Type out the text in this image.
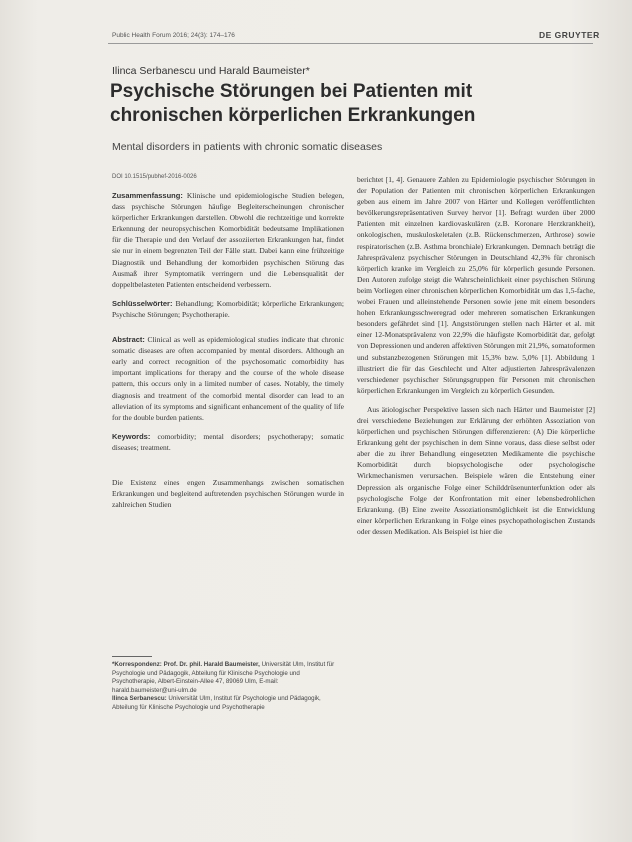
Public Health Forum 2016; 24(3): 174–176	DE GRUYTER
Ilinca Serbanescu und Harald Baumeister*
Psychische Störungen bei Patienten mit chronischen körperlichen Erkrankungen
Mental disorders in patients with chronic somatic diseases
DOI 10.1515/pubhef-2016-0026

Zusammenfassung: Klinische und epidemiologische Studien belegen, dass psychische Störungen häufige Begleiterscheinungen chronischer körperlicher Erkrankungen darstellen. Obwohl die rechtzeitige und korrekte Erkennung der neuropsychischen Komorbidität bedeutsame Implikationen für die Therapie und den Verlauf der assoziierten Erkrankungen hat, findet sie nur in einem begrenzten Teil der Fälle statt. Dabei kann eine frühzeitige Diagnostik und Behandlung der komorbiden psychischen Störung das Ausmaß ihrer Symptomatik verringern und die Lebensqualität der doppeltbelasteten Patienten entscheidend verbessern.

Schlüsselwörter: Behandlung; Komorbidität; körperliche Erkrankungen; Psychische Störungen; Psychotherapie.

Abstract: Clinical as well as epidemiological studies indicate that chronic somatic diseases are often accompanied by mental disorders. Although an early and correct recognition of the psychosomatic comorbidity has important implications for therapy and the course of the whole disease pattern, this occurs only in a limited number of cases. Notably, the timely diagnosis and treatment of the comorbid mental disorder can lead to an alleviation of its symptoms and significant enhancement of the quality of life for the double burden patients.

Keywords: comorbidity; mental disorders; psychotherapy; somatic diseases; treatment.

Die Existenz eines engen Zusammenhangs zwischen somatischen Erkrankungen und begleitend auftretenden psychischen Störungen wurde in zahlreichen Studien

*Korrespondenz: Prof. Dr. phil. Harald Baumeister, Universität Ulm, Institut für Psychologie und Pädagogik, Abteilung für Klinische Psychologie und Psychotherapie, Albert-Einstein-Allee 47, 89069 Ulm, E-mail: harald.baumeister@uni-ulm.de

Ilinca Serbanescu: Universität Ulm, Institut für Psychologie und Pädagogik, Abteilung für Klinische Psychologie und Psychotherapie

berichtet [1, 4]. Genauere Zahlen zu Epidemiologie psychischer Störungen in der Population der Patienten mit chronischen körperlichen Erkrankungen geben aus einem im Jahre 2007 von Härter und Kollegen veröffentlichten bevölkerungsrepräsentativen Survey hervor [1]. Befragt wurden über 2000 Patienten mit einzelnen kardiovaskulären (z.B. Koronare Herzkrankheit), onkologischen, muskuloskeletalen (z.B. Rückenschmerzen, Arthrose) sowie respiratorischen (z.B. Asthma bronchiale) Erkrankungen. Demnach beträgt die Jahresprävalenz psychischer Störungen in Deutschland 42,3% für chronisch körperlich kranke im Vergleich zu 25,0% für körperlich gesunde Personen. Den Autoren zufolge steigt die Wahrscheinlichkeit einer psychischen Störung beim Vorliegen einer chronischen körperlichen Komorbidität um das 1,5-fache, wobei Frauen und alleinstehende Personen sowie jene mit einem besonders hohen Erkrankungsschweregrad oder mehreren somatischen Erkrankungen besonders gefährdet sind [1]. Angststörungen stellen nach Härter et al. mit einer 12-Monatsprävalenz von 22,9% die häufigste Komorbidität dar, gefolgt von Depressionen und anderen affektiven Störungen mit 21,9%, somatoformen und substanzbezogenen Störungen mit 15,3% bzw. 5,0% [1]. Abbildung 1 illustriert die für das Geschlecht und Alter adjustierten Jahresprävalenzen verschiedener psychischer Störungsgruppen für Personen mit chronischen körperlichen Erkrankungen im Vergleich zu körperlich Gesunden.

Aus ätiologischer Perspektive lassen sich nach Härter und Baumeister [2] drei verschiedene Beziehungen zur Erklärung der erhöhten Assoziation von körperlichen und psychischen Störungen differenzieren: (A) Die körperliche Erkrankung geht der psychischen in dem Sinne voraus, dass diese selbst oder aber die zu ihrer Behandlung eingesetzten Medikamente die psychische Komorbidität durch biopsychologische oder psychologische Wirkmechanismen verursachen. Beispiele wären die Entstehung einer Depression als organische Folge einer Schilddrüsenunterfunktion oder als psychologische Folge der Konfrontation mit einer lebensbedrohlichen Erkrankung. (B) Eine zweite Assoziationsmöglichkeit ist die Entwicklung einer körperlichen Erkrankung in Folge eines psychopathologischen Zustands oder dessen Medikation. Als Beispiel ist hier die
